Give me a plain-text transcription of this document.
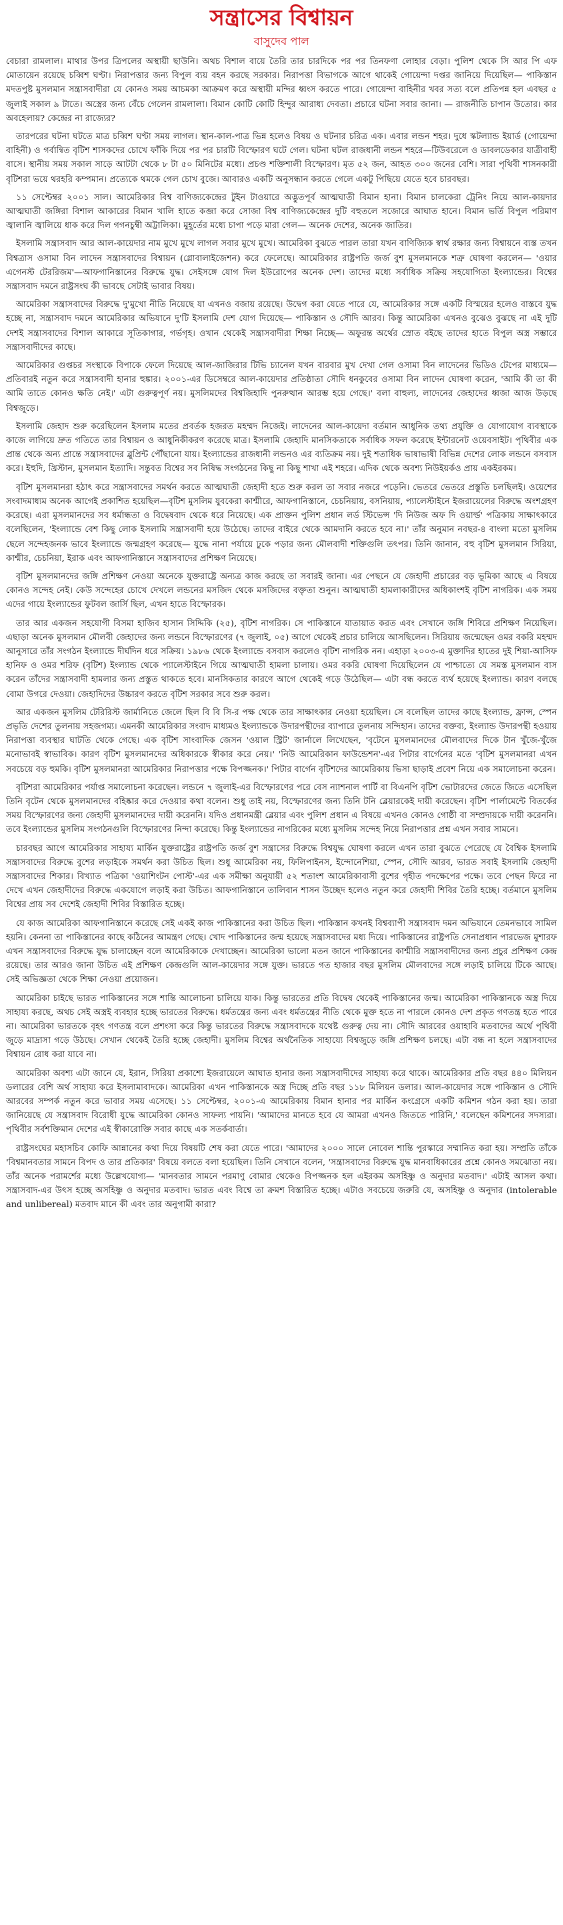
সন্ত্রাসের বিশ্বায়ন
বাসুদেব পাল

বেচারা রামলাল। মাথার উপর ত্রিপলের অস্থায়ী ছাউনি। অথচ বিশাল বায়ে তৈরি তার চারদিকে পর পর তিনফণা লোহার বেড়া। পুলিশ থেকে সি আর পি এফ মোতায়েন রয়েছে চব্বিশ ঘণ্টা। নিরাপত্তার জন্য বিপুল ব্যয় বহন করছে সরকার। নিরাপত্তা বিভাগকে আগে থাকেই গোয়েন্দা দপ্তর জানিয়ে দিয়েছিল— পাকিস্তান মদতপুষ্ট মুসলমান সন্ত্রাসবাদীরা যে কোনও সময় আচমকা আক্রমণ করে অস্থায়ী মন্দির ধ্বংস করতে পারে। গোয়েন্দা বাহিনীর খবর সত্য বলে প্রতিপন্ন হল এবছর ৫ জুলাই সকাল ৯ টাতে। অস্ত্রের জন্য বেঁচে গেলেন রামলালা। বিমান কোটি কোটি হিন্দুর আরাধ্য দেবতা। প্রচারে ঘটনা সবার জানা। — রাজনীতি চাপান উতোর। কার অবহেলায়? কেন্দ্রের না রাজ্যের?

তারপরের ঘটনা ঘটতে মাত্র চব্বিশ ঘণ্টা সময় লাগল। স্থান-কাল-পাত্র ভিন্ন হলেও বিষয় ও ঘটনার চরিত্র এক। এবার লন্ডন শহর। দুধে স্কটল্যান্ড ইয়ার্ড (গোয়েন্দা বাহিনী) ও গর্বান্বিত বৃটিশ শাসকদের চোখে ফাঁকি দিয়ে পর পর চারটি বিস্ফোরণ ঘটে গেল। ঘটনা ঘটল রাজধানী লন্ডন শহরে—টিউবরেলে ও ডাবলডেকার যাত্রীবাহী বাসে। স্থানীয় সময় সকাল সাড়ে আটটা থেকে ৮ টা ৫০ মিনিটের মধ্যে। প্রচণ্ড শক্তিশালী বিস্ফোরণ। মৃত ৫২ জন, আহত ৩০০ জনের বেশি। সারা পৃথিবী শাসনকারী বৃটিশরা ভয়ে থরহরি কম্পমান। প্রত্যেকে থমকে গেল চোখ বুজে। আবারও একটি অনুসন্ধান করতে গেলে একটু পিছিয়ে যেতে হবে চারবছর।

১১ সেপ্টেম্বর ২০০১ সাল। আমেরিকার বিশ্ব বাণিজ্যকেন্দ্রের টুইন টাওয়ারে অদ্ভুতপূর্ব আত্মঘাতী বিমান হানা। বিমান চালকেরা ট্রেনিং নিয়ে আল-কায়দার আত্মঘাতী জঙ্গিরা বিশাল আকারের বিমান খালি হাতে কব্জা করে সোজা বিশ্ব বাণিজ্যকেন্দ্রের দুটি বহুতলে সজোরে আঘাত হানে। বিমান ভর্তি বিপুল পরিমাণ জ্বালানি জ্বালিয়ে ধাক করে দিল গগনচুম্বী অট্টালিকা। মুহূর্তের মধ্যে চাপা পড়ে মারা গেল— অনেক দেশের, অনেক জাতির।

ইসলামি সন্ত্রাসবাদ আর আল-কায়েদার নাম মুখে মুখে লাগল সবার মুখে মুখে। আমেরিকা বুঝতে পারল তারা যখন বাণিজ্যিক স্বার্থ রক্ষার জন্য বিশ্বায়নে ব্যস্ত তখন বিশ্বত্রাস ওসামা বিন লাদেন সন্ত্রাসবাদের বিশ্বায়ন (গ্লোবালাইজেশন) করে ফেলেছে। আমেরিকার রাষ্ট্রপতি জর্জ বুশ মুসলমানকে শত্রু ঘোষণা করলেন— 'ওয়ার এগেনস্ট টেররিজম'—আফগানিস্তানের বিরুদ্ধে যুদ্ধ। সেইসঙ্গে যোগ দিল ইউরোপের অনেক দেশ। তাদের মধ্যে সর্বাধিক সক্রিয় সহযোগিতা ইংল্যান্ডের। বিশ্বের সন্ত্রাসবাদ দমনে রাষ্ট্রসংঘ কী ভাবছে সেটাই ভাবার বিষয়।

আমেরিকা সন্ত্রাসবাদের বিরুদ্ধে দু'মুখো নীতি নিয়েছে যা এখনও বজায় রয়েছে। উদ্বেগ করা যেতে পারে যে, আমেরিকার সঙ্গে একটি বিস্ময়ের হলেও বাস্তবে যুদ্ধ হচ্ছে না, সন্ত্রাসবাদ দমনে আমেরিকার অভিযানে দু'টি ইসলামি দেশ যোগ দিয়েছে— পাকিস্তান ও সৌদি আরব। কিন্তু আমেরিকা এখনও বুঝেও বুঝছে না এই দুটি দেশই সন্ত্রাসবাদের বিশাল আকারে সূতিকাগার, গর্ভগৃহ। ওখান থেকেই সন্ত্রাসবাদীরা শিক্ষা নিচ্ছে— অফুরন্ত অর্থের স্রোত বইছে তাদের হাতে বিপুল অস্ত্র সম্ভারে সন্ত্রাসবাদীদের কাছে।

আমেরিকার গুপ্তচর সংস্থাকে বিপাকে ফেলে দিয়েছে আল-জাজিরার টিভি চ্যানেল যখন বারবার মুখ দেখা গেল ওসামা বিন লাদেনের ভিডিও টেপের মাধ্যমে— প্রতিবারই নতুন করে সন্ত্রাসবাদী হানার হুঙ্কার। ২০০১-এর ডিসেম্বরে আল-কায়েদার প্রতিষ্ঠাতা সৌদি ধনকুবের ওসামা বিন লাদেন ঘোষণা করেন, 'আমি কী তা কী আমি তাতে কোনও ক্ষতি নেই।' এটা গুরুত্বপূর্ণ নয়। মুসলিমদের বিশ্বজিহাদি পুনরুত্থান আরম্ভ হয়ে গেছে।' বলা বাহুল্য, লাদেনের জেহাদের ধ্বজা আজ উড়ছে বিশ্বজুড়ে।

ইসলামি জেহাদ শুরু করেছিলেন ইসলাম মতের প্রবর্তক হজরত মহম্মদ নিজেই। লাদেনের আল-কায়েদা বর্তমান আধুনিক তথ্য প্রযুক্তি ও যোগাযোগ ব্যবস্থাকে কাজে লাগিয়ে দ্রুত গতিতে তার বিশ্বায়ন ও আধুনিকীকরণ করেছে মাত্র। ইসলামি জেহাদি মানসিকতাকে সর্বাধিক সফল করেছে ইন্টারনেট ওয়েবসাইট। পৃথিবীর এক প্রান্ত থেকে অন্য প্রান্তে সন্ত্রাসবাদের ব্লুপ্রিন্ট পৌঁছানো যায়। ইংল্যান্ডের রাজধানী লন্ডনও এর ব্যতিক্রম নয়। দুই শতাধিক ভাষাভাষী বিভিন্ন দেশের লোক লন্ডনে বসবাস করে। ইহুদি, খ্রিস্টান, মুসলমান ইত্যাদি। সন্তুবত বিশ্বের সব নিষিদ্ধ সংগঠনের কিছু না কিছু শাখা এই শহরে। এদিক থেকে অবশ্য নিউইয়র্কও প্রায় একইরকম।

বৃটিশ মুসলমানরা হঠাৎ করে সন্ত্রাসবাদের সমর্থন করতে আত্মঘাতী জেহাদী হতে শুরু করল তা সবার নজরে পড়েনি। ভেতরে ভেতরে প্রস্তুতি চলছিলই। ওয়েশের সংবাদমাধ্যম অনেক আগেই প্রকাশিত হয়েছিল—বৃটিশ মুসলিম যুবকেরা কাশ্মীরে, আফগানিস্তানে, চেচনিয়ায়, বসনিয়ায়, প্যালেস্টাইনে ইজরায়েলের বিরুদ্ধে অংশগ্রহণ করেছে। এরা মুসলমানদের সব ধর্মান্ধতা ও বিদ্বেষবাদ থেকে ধরে নিয়েছে। এক প্রাক্তন পুলিশ প্রধান লর্ড স্টিভেন্স 'দি নিউজ অফ দি ওয়ার্ল্ড' পত্রিকায় সাক্ষাৎকারে বলেছিলেন, 'ইংল্যান্ডে বেশ কিছু লোক ইসলামি সন্ত্রাসবাদী হয়ে উঠেছে। তাদের বাইরে থেকে আমদানি করতে হবে না।' তাঁর অনুমান নবছর-৪ বাংলা মতো মুসলিম ছেলে সন্দেহজনক ভাবে ইংল্যান্ডে জন্মগ্রহণ করেছে— যুদ্ধে নানা পর্যায়ে ঢুকে পড়ার জন্য মৌলবাদী শক্তিগুলি তৎপর। তিনি জানান, বহু বৃটিশ মুসলমান সিরিয়া, কাশ্মীর, চেচনিয়া, ইরাক এবং আফগানিস্তানে সন্ত্রাসবাদের প্রশিক্ষণ নিয়েছে।

বৃটিশ মুসলমানদের জঙ্গি প্রশিক্ষণ নেওয়া অনেকে যুক্তরাষ্ট্রে অন্যত্র কাজ করছে তা সবারই জানা। এর পেছনে যে জেহাদী প্রচারের বড় ভূমিকা আছে এ বিষয়ে কোনও সন্দেহ নেই। কেউ সন্দেহের চোখে দেখলে লন্ডনের মসজিদ থেকে মসজিদের বক্তৃতা শুনুন। আত্মঘাতী হামলাকারীদের অধিকাংশই বৃটিশ নাগরিক। এক সময় এদের গায়ে ইংল্যান্ডের ফুটবল জার্সি ছিল, এখন হাতে বিস্ফোরক।

তার আর একজন সহযোগী বিসমা হাজিব হাসান সিদ্দিকি (২৫), বৃটিশ নাগরিক। সে পাকিস্তানে যাতায়াত করত এবং সেখানে জঙ্গি শিবিরে প্রশিক্ষণ নিয়েছিল। এছাড়া অনেক মুসলমান মৌলবী জেহাদের জন্য লন্ডনে বিস্ফোরণের (৭ জুলাই, ০৫) আগে থেকেই প্রচার চালিয়ে আসছিলেন। সিরিয়ায় জন্মেছেন ওমর বকরি মহম্মদ আনুসারে তাঁর সংগঠন ইংল্যান্ডে দীর্ঘদিন ধরে সক্রিয়। ১৯৮৬ থেকে ইংল্যান্ডে বসবাস করলেও বৃটিশ নাগরিক নন। এহাড়া ২০০৩-এ মুক্তাদির হাতের দুই শিয়া-আসিফ হানিফ ও ওমর শরিফ (বৃটিশ) ইংল্যান্ড থেকে প্যালেস্টাইনে গিয়ে আত্মঘাতী হামলা চালায়। ওমর বকরি ঘোষণা দিয়েছিলেন যে পাশ্চাত্যে যে সমস্ত মুসলমান বাস করেন তাঁদের সন্ত্রাসবাদী হামলার জন্য প্রস্তুত থাকতে হবে। মানসিকতার কারণে আগে থেকেই গড়ে উঠেছিল— এটা বন্ধ করতে ব্যর্থ হয়েছে ইংল্যান্ড। কারণ বলছে বোমা উগরে দেওয়া। জেহাদিদের উচ্চারণ করতে বৃটিশ সরকার সবে শুরু করল।

আর একজন মুসলিম টেরিরিস্ট জার্মানিতে জেলে ছিল বি বি সি-র পক্ষ থেকে তার সাক্ষাৎকার নেওয়া হয়েছিল। সে বলেছিল তাদের কাছে ইংল্যান্ড, ফ্রান্স, স্পেন প্রভৃতি দেশের তুলনায় সহজগম্য। এমনকী আমেরিকার সংবাদ মাধ্যমও ইংল্যান্ডকে উদারপন্থীদের ব্যাপারে তুলনায় সন্দিহান। তাদের বক্তব্য, ইংল্যান্ড উদারপন্থী হওয়ায় নিরাপত্তা ব্যবস্থার ঘাটতি থেকে গেছে। এক বৃটিশ সাংবাদিক জেসন 'ওয়াল স্ট্রিট' জার্নালে লিখেছেন, 'বৃটেনে মুসলমানদের মৌলবাদের দিকে টান খুঁজে-খুঁজে মনোভাবই স্বাভাবিক। কারণ বৃটিশ মুসলমানদের অধিকারকে স্বীকার করে নেয়।' 'নিউ আমেরিকান ফাউন্ডেশন'-এর পিটার বার্গেনের মতে 'বৃটিশ মুসলমানরা এখন সবচেয়ে বড় হুমকি। বৃটিশ মুসলমানরা আমেরিকার নিরাপত্তার পক্ষে বিপজ্জনক।' পিটার বার্গেন বৃটিশদের আমেরিকায় ভিসা ছাড়াই প্রবেশ নিয়ে এক সমালোচনা করেন।

বৃটিশরা আমেরিকার পর্যাপ্ত সমালোচনা করেছেন। লন্ডনে ৭ জুলাই-এর বিস্ফোরণের পরে বেস ন্যাশনাল পার্টি বা বিএনপি বৃটিশ ভোটারদের জেতে জিতে এসেছিল তিনি বৃটেন থেকে মুসলমানদের বহিষ্কার করে দেওয়ার কথা বলেন। শুধু তাই নয়, বিস্ফোরণের জন্য তিনি টনি ব্লেয়ারকেই দায়ী করেছেন। বৃটিশ পার্লামেন্টে বিতর্কের সময় বিস্ফোরণের জন্য জেহাদী মুসলমানদের দায়ী করেননি। যদিও প্রধানমন্ত্রী ব্লেয়ার এবং পুলিশ প্রধান এ বিষয়ে এখনও কোনও গোষ্ঠী বা সম্প্রদায়কে দায়ী করেননি। তবে ইংল্যান্ডের মুসলিম সংগঠনগুলি বিস্ফোরণের নিন্দা করেছে। কিন্তু ইংল্যান্ডের নাগরিকের মধ্যে মুসলিম সন্দেহ নিয়ে নিরাপত্তার প্রশ্ন এখন সবার সামনে।

চারবছর আগে আমেরিকার সাহায্য মার্কিন যুক্তরাষ্ট্রের রাষ্ট্রপতি জর্জ বুশ সন্ত্রাসের বিরুদ্ধে বিশ্বযুদ্ধ ঘোষণা করলে এখন তারা বুঝতে পেরেছে যে বৈশ্বিক ইসলামি সন্ত্রাসবাদের বিরুদ্ধে বুশের লড়াইকে সমর্থন করা উচিত ছিল। শুধু আমেরিকা নয়, ফিলিপাইনস, ইন্দোনেশিয়া, স্পেন, সৌদি আরব, ভারত সবাই ইসলামি জেহাদী সন্ত্রাসবাদের শিকার। বিখ্যাত পত্রিকা 'ওয়াশিংটন পোস্ট'-এর এক সমীক্ষা অনুযায়ী ৫২ শতাংশ আমেরিকাবাসী বুশের গৃহীত পদক্ষেপের পক্ষে। তবে পেছন ফিরে না দেখে এখন জেহাদীদের বিরুদ্ধে একযোগে লড়াই করা উচিত। আফগানিস্তানে তালিবান শাসন উচ্ছেদ হলেও নতুন করে জেহাদী শিবির তৈরি হচ্ছে। বর্তমানে মুসলিম বিশ্বের প্রায় সব দেশেই জেহাদী শিবির বিস্তারিত হচ্ছে।

যে কাজ আমেরিকা আফগানিস্তানে করেছে সেই একই কাজ পাকিস্তানের করা উচিত ছিল। পাকিস্তান কখনই বিশ্বব্যাপী সন্ত্রাসবাদ দমন অভিযানে তেমনভাবে সামিল হয়নি। কেননা তা পাকিস্তানের কাছে কঠিনের আমন্ত্রণ গেছে। খোদ পাকিস্তানের জন্ম হয়েছে সন্ত্রাসবাদের মধ্য দিয়ে। পাকিস্তানের রাষ্ট্রপতি সেনাপ্রধান পারভেজ মুশারফ এখন সন্ত্রাসবাদের বিরুদ্ধে যুদ্ধ চালাচ্ছেন বলে আমেরিকাকে দেখাচ্ছেন। আমেরিকা ভালো মতন জানে পাকিস্তানের কাশ্মীরি সন্ত্রাসবাদীদের জন্য প্রচুর প্রশিক্ষণ কেন্দ্র রয়েছে। তার আরও জানা উচিত এই প্রশিক্ষণ কেন্দ্রগুলি আল-কায়েদার সঙ্গে যুক্ত। ভারতে গত হাজার বছর মুসলিম মৌলবাদের সঙ্গে লড়াই চালিয়ে টিকে আছে। সেই অভিজ্ঞতা থেকে শিক্ষা নেওয়া প্রয়োজন।

আমেরিকা চাইছে ভারত পাকিস্তানের সঙ্গে শান্তি আলোচনা চালিয়ে যাক। কিন্তু ভারতের প্রতি বিদ্বেষ থেকেই পাকিস্তানের জন্ম। আমেরিকা পাকিস্তানকে অস্ত্র দিয়ে সাহায্য করছে, অথচ সেই অস্ত্রই ব্যবহার হচ্ছে ভারতের বিরুদ্ধে। ধর্মতন্ত্রের জন্য এবং ধর্মতন্ত্রের নীতি থেকে মুক্ত হতে না পারলে কোনও দেশ প্রকৃত গণতন্ত্র হতে পারে না। আমেরিকা ভারতকে বৃহৎ গণতন্ত্র বলে প্রশংসা করে কিন্তু ভারতের বিরুদ্ধে সন্ত্রাসবাদকে যথেষ্ট গুরুত্ব দেয় না। সৌদি আরবের ওয়াহাবি মতবাদের অর্থে পৃথিবী জুড়ে মাদ্রাসা গড়ে উঠছে। সেখান থেকেই তৈরি হচ্ছে জেহাদী। মুসলিম বিশ্বের অর্থনৈতিক সাহায্যে বিশ্বজুড়ে জঙ্গি প্রশিক্ষণ চলছে। এটা বন্ধ না হলে সন্ত্রাসবাদের বিশ্বায়ন রোধ করা যাবে না।

আমেরিকা অবশ্য এটা জানে যে, ইরান, সিরিয়া প্রকাশ্যে ইজরায়েলে আঘাত হানার জন্য সন্ত্রাসবাদীদের সাহায্য করে থাকে। আমেরিকার প্রতি বছর ৪৪০ মিলিয়ন ডলারের বেশি অর্থ সাহায্য করে ইসলামাবাদকে। আমেরিকা এখন পাকিস্তানকে অস্ত্র দিচ্ছে প্রতি বছর ১১৮ মিলিয়ন ডলার। আল-কায়েদার সঙ্গে পাকিস্তান ও সৌদি আরবের সম্পর্ক নতুন করে ভাবার সময় এসেছে। ১১ সেপ্টেম্বর, ২০০১-এ আমেরিকায় বিমান হানার পর মার্কিন কংগ্রেসে একটি কমিশন গঠন করা হয়। তারা জানিয়েছে যে সন্ত্রাসবাদ বিরোধী যুদ্ধে আমেরিকা কোনও সাফল্য পায়নি। 'আমাদের মানতে হবে যে আমরা এখনও জিততে পারিনি,' বলেছেন কমিশনের সদস্যরা। পৃথিবীর সর্বশক্তিমান দেশের এই স্বীকারোক্তি সবার কাছে এক সতর্কবার্তা।

রাষ্ট্রসংঘের মহাসচিব কোফি আন্নানের কথা দিয়ে বিষয়টি শেষ করা যেতে পারে। 'আমাদের ২০০০ সালে নোবেল শান্তি পুরস্কারে সম্মানিত করা হয়। সম্প্রতি তাঁকে 'বিশ্বমানবতার সামনে বিপদ ও তার প্রতিকার' বিষয়ে বলতে বলা হয়েছিল। তিনি সেখানে বলেন, 'সন্ত্রাসবাদের বিরুদ্ধে যুদ্ধ মানবাধিকারের প্রশ্নে কোনও সমঝোতা নয়। তাঁর অনেক পরামর্শের মধ্যে উল্লেখযোগ্য— 'মানবতার সামনে পরমাণু বোমার থেকেও বিপজ্জনক হল এইরকম অসহিষ্ণু ও অনুদার মতবাদ।' এটাই আসল কথা। সন্ত্রাসবাদ-এর উৎস হচ্ছে অসহিষ্ণু ও অনুদার মতবাদ। ভারত এবং বিশ্বে তা ক্রমশ বিস্তারিত হচ্ছে। এটাও সবচেয়ে জরুরি যে, অসহিষ্ণু ও অনুদার (intolerable and unlibereal) মতবাদ মানে কী এবং তার অনুগামী কারা?
